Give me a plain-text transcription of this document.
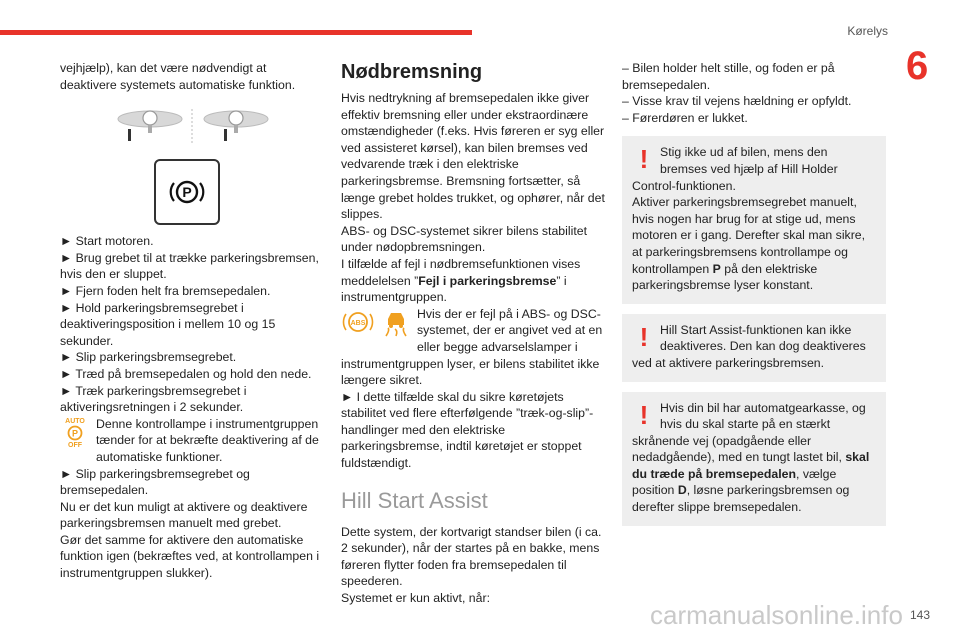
Kørelys
6

vejhjælp), kan det være nødvendigt at deaktivere systemets automatiske funktion.

P

► Start motoren.
► Brug grebet til at trække parkeringsbremsen, hvis den er sluppet.
► Fjern foden helt fra bremsepedalen.
► Hold parkeringsbremsegrebet i deaktiveringsposition i mellem 10 og 15 sekunder.
► Slip parkeringsbremsegrebet.
► Træd på bremsepedalen og hold den nede.
► Træk parkeringsbremsegrebet i aktiveringsretningen i 2 sekunder.

AUTO
P
OFF

Denne kontrollampe i instrumentgruppen tænder for at bekræfte deaktivering af de automatiske funktioner.

► Slip parkeringsbremsegrebet og bremsepedalen.
Nu er det kun muligt at aktivere og deaktivere parkeringsbremsen manuelt med grebet.
Gør det samme for aktivere den automatiske funktion igen (bekræftes ved, at kontrollampen i instrumentgruppen slukker).

Nødbremsning

Hvis nedtrykning af bremsepedalen ikke giver effektiv bremsning eller under ekstraordinære omstændigheder (f.eks. Hvis føreren er syg eller ved assisteret kørsel), kan bilen bremses ved vedvarende træk i den elektriske parkeringsbremse. Bremsning fortsætter, så længe grebet holdes trukket, og ophører, når det slippes.
ABS- og DSC-systemet sikrer bilens stabilitet under nødopbremsningen.

I tilfælde af fejl i nødbremsefunktionen vises meddelelsen ”Fejl i parkeringsbremse” i instrumentgruppen.

ABS

Hvis der er fejl på i ABS- og DSC-systemet, der er angivet ved at en eller begge advarselslamper i instrumentgruppen lyser, er bilens stabilitet ikke længere sikret.
► I dette tilfælde skal du sikre køretøjets stabilitet ved flere efterfølgende ”træk-og-slip”-handlinger med den elektriske parkeringsbremse, indtil køretøjet er stoppet fuldstændigt.

Hill Start Assist

Dette system, der kortvarigt standser bilen (i ca. 2 sekunder), når der startes på en bakke, mens føreren flytter foden fra bremsepedalen til speederen.
Systemet er kun aktivt, når:

– Bilen holder helt stille, og foden er på bremsepedalen.
– Visse krav til vejens hældning er opfyldt.
– Førerdøren er lukket.

! Stig ikke ud af bilen, mens den bremses ved hjælp af Hill Holder Control-funktionen.
Aktiver parkeringsbremsegrebet manuelt, hvis nogen har brug for at stige ud, mens motoren er i gang. Derefter skal man sikre, at parkeringsbremsens kontrollampe og kontrollampen P på den elektriske parkeringsbremse lyser konstant.

! Hill Start Assist-funktionen kan ikke deaktiveres. Den kan dog deaktiveres ved at aktivere parkeringsbremsen.

! Hvis din bil har automatgearkasse, og hvis du skal starte på en stærkt skrånende vej (opadgående eller nedadgående), med en tungt lastet bil, skal du træde på bremsepedalen, vælge position D, løsne parkeringsbremsen og derefter slippe bremsepedalen.

carmanualsonline.info 143
